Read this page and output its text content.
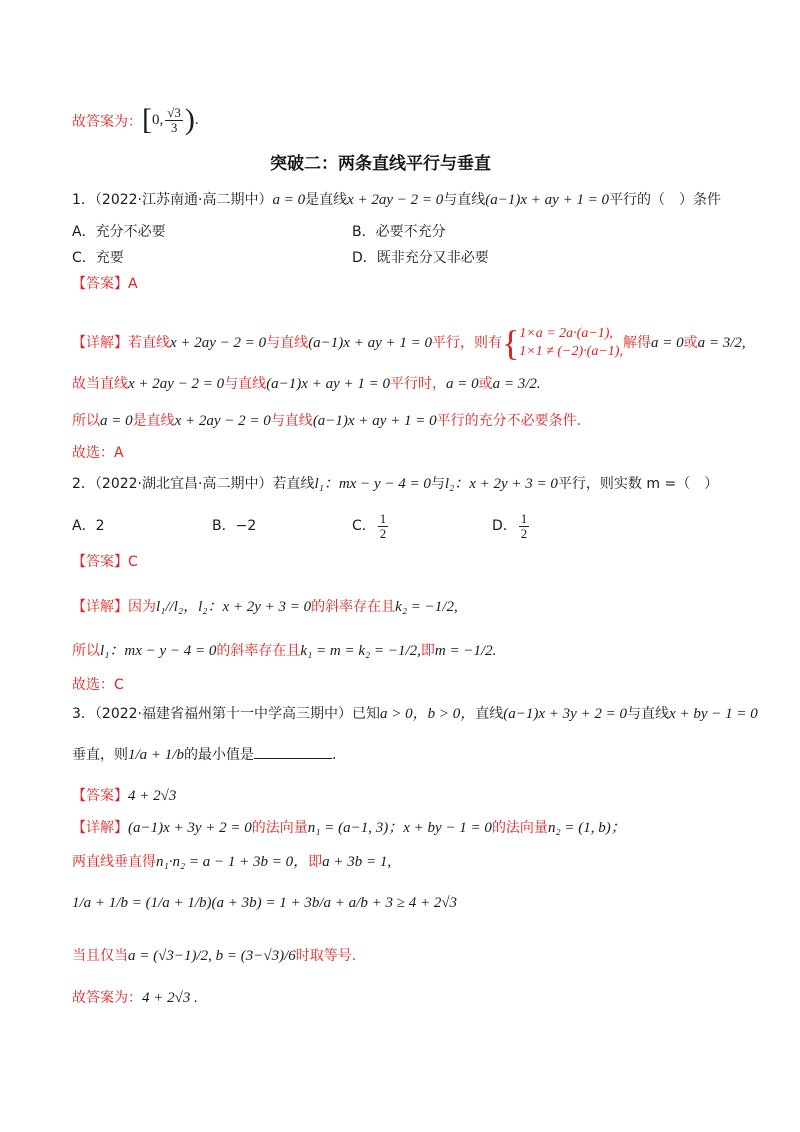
故答案为： [0, $\frac{√3}{3}$ ).
突破二：两条直线平行与垂直
1．（2022·江苏南通·高二期中）a = 0是直线x + 2ay − 2 = 0与直线(a−1)x + ay + 1 = 0平行的（　）条件
A．充分不必要	B．必要不充分
C．充要	D．既非充分又非必要
【答案】A
【详解】若直线x + 2ay − 2 = 0与直线(a−1)x + ay + 1 = 0平行，则有{ 1×a = 2a·(a−1),
1×1 ≠ (−2)·(a−1),
解得a = 0或a = 3/2,
故当直线x + 2ay − 2 = 0与直线(a−1)x + ay + 1 = 0平行时，a = 0或a = 3/2.
所以a = 0是直线x + 2ay − 2 = 0与直线(a−1)x + ay + 1 = 0平行的充分不必要条件.
故选：A
2．（2022·湖北宜昌·高二期中）若直线l₁：mx − y − 4 = 0与l₂：x + 2y + 3 = 0平行，则实数 m =（　）
A．2	B．−2	C． $\frac{1}{2}$	D． $\frac{1}{2}$
【答案】C
【详解】因为l₁//l₂，l₂：x + 2y + 3 = 0的斜率存在且k₂ = −1/2,
所以l₁：mx − y − 4 = 0的斜率存在且k₁ = m = k₂ = −1/2,即m = −1/2.
故选：C
3．（2022·福建省福州第十一中学高三期中）已知a > 0，b > 0，直线(a−1)x + 3y + 2 = 0与直线x + by − 1 = 0
垂直，则1/a + 1/b的最小值是	.
【答案】4 + 2√3
【详解】(a−1)x + 3y + 2 = 0的法向量n₁ = (a−1, 3)；x + by − 1 = 0的法向量n₂ = (1, b)；
两直线垂直得n₁·n₂ = a − 1 + 3b = 0，即a + 3b = 1,
1/a + 1/b = (1/a + 1/b)(a + 3b) = 1 + 3b/a + a/b + 3 ≥ 4 + 2√3
当且仅当a = (√3−1)/2, b = (3−√3)/6时取等号.
故答案为：4 + 2√3 .
